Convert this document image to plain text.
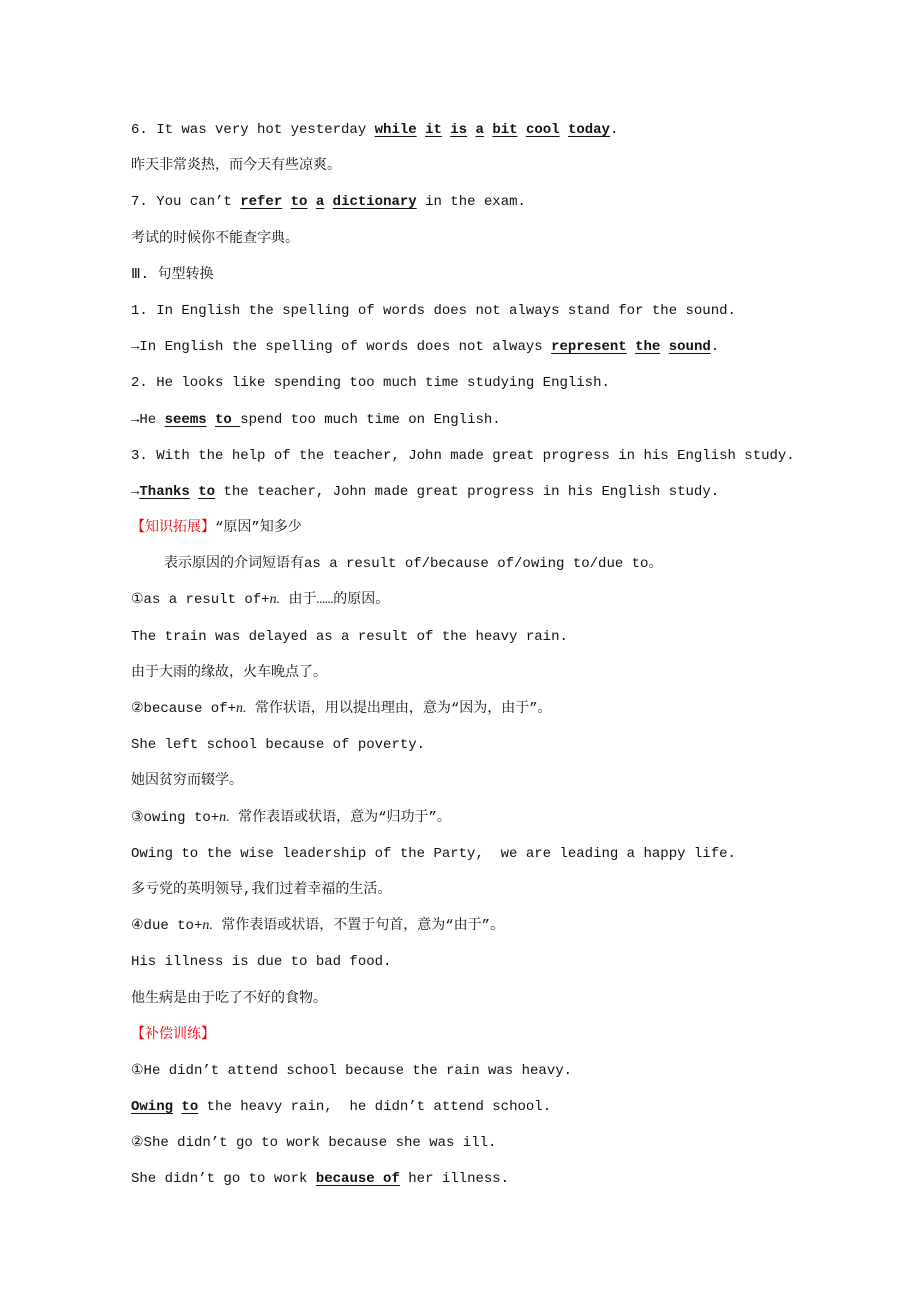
6. It was very hot yesterday while it is a bit cool today.
昨天非常炎热，而今天有些凉爽。
7. You can’t refer to a dictionary in the exam.
考试的时候你不能查字典。
Ⅲ. 句型转换
1. In English the spelling of words does not always stand for the sound.
→In English the spelling of words does not always represent the sound.
2. He looks like spending too much time studying English.
→He seems to spend too much time on English.
3. With the help of the teacher, John made great progress in his English study.
→Thanks to the teacher, John made great progress in his English study.
【知识拓展】“原因”知多少
表示原因的介词短语有as a result of/because of/owing to/due to。
①as a result of+n. 由于……的原因。
The train was delayed as a result of the heavy rain.
由于大雨的缘故，火车晚点了。
②because of+n. 常作状语，用以提出理由，意为“因为，由于”。
She left school because of poverty.
她因贫穷而辍学。
③owing to+n. 常作表语或状语，意为“归功于”。
Owing to the wise leadership of the Party,  we are leading a happy life.
多亏党的英明领导,我们过着幸福的生活。
④due to+n. 常作表语或状语，不置于句首，意为“由于”。
His illness is due to bad food.
他生病是由于吃了不好的食物。
【补偿训练】
①He didn’t attend school because the rain was heavy.
Owing to the heavy rain,  he didn’t attend school.
②She didn’t go to work because she was ill.
She didn’t go to work because of her illness.
